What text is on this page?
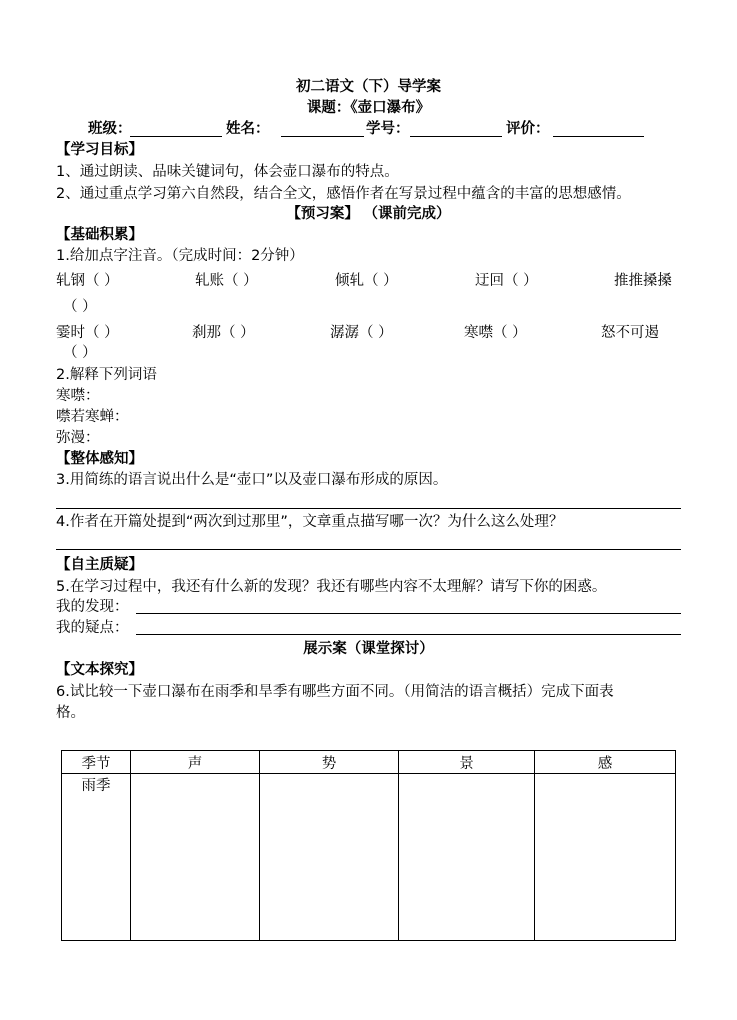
初二语文（下）导学案
课题：《壶口瀑布》
班级：	姓名：	学号：	评价：
【学习目标】
1、通过朗读、品味关键词句，体会壶口瀑布的特点。
2、通过重点学习第六自然段，结合全文，感悟作者在写景过程中蕴含的丰富的思想感情。
【预习案】 （课前完成）
【基础积累】
1.给加点字注音。（完成时间：2分钟）
轧钢（ ）	轧账（ ）	倾轧（ ）	迂回（ ）	推推搡搡
（ ）
霎时（ ）	刹那（ ）	潺潺（ ）	寒噤（ ）	怒不可遏
（ ）
2.解释下列词语
寒噤：
噤若寒蝉：
弥漫：
【整体感知】
3.用简练的语言说出什么是“壶口”以及壶口瀑布形成的原因。
4.作者在开篇处提到“两次到过那里”，文章重点描写哪一次？为什么这么处理？
【自主质疑】
5.在学习过程中，我还有什么新的发现？我还有哪些内容不太理解？请写下你的困惑。
我的发现：
我的疑点：
展示案（课堂探讨）
【文本探究】
6.试比较一下壶口瀑布在雨季和旱季有哪些方面不同。（用简洁的语言概括）完成下面表
格。
季节	声	势	景	感
雨季				
